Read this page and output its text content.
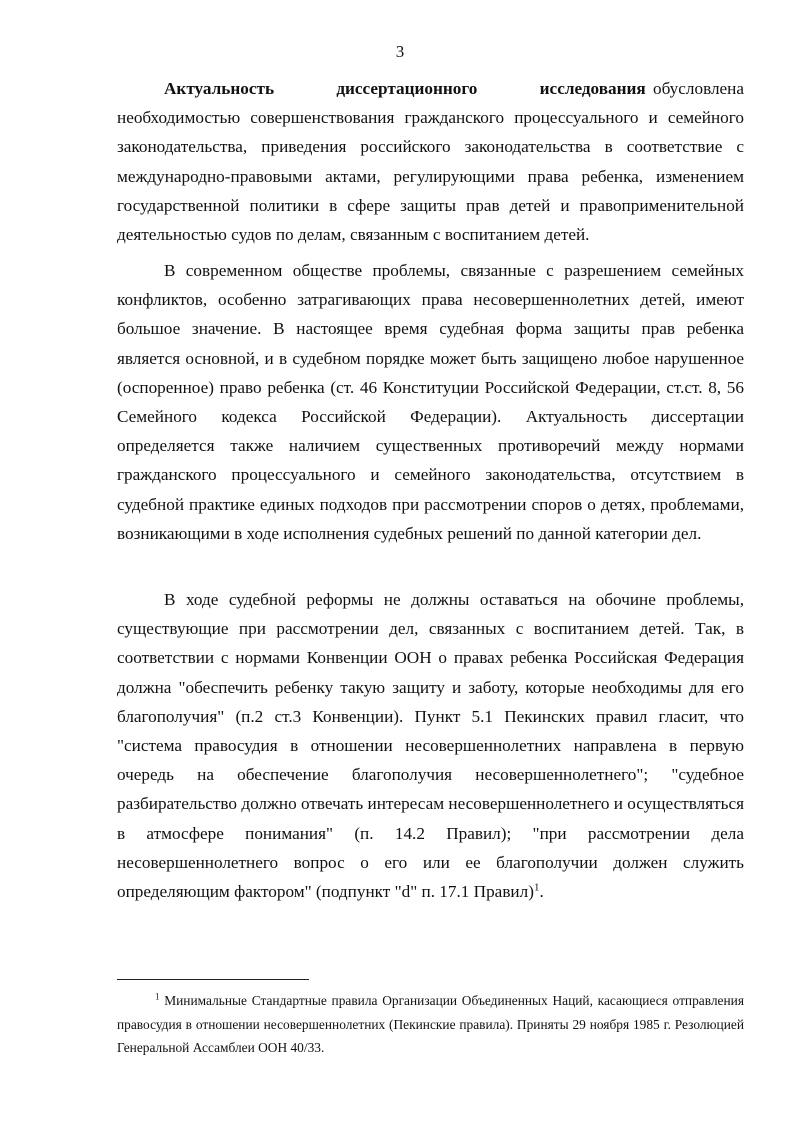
3

Актуальность диссертационного исследования обусловлена необходимостью совершенствования гражданского процессуального и семейного законодательства, приведения российского законодательства в соответствие с международно-правовыми актами, регулирующими права ребенка, изменением государственной политики в сфере защиты прав детей и правоприменительной деятельностью судов по делам, связанным с воспитанием детей.

В современном обществе проблемы, связанные с разрешением семейных конфликтов, особенно затрагивающих права несовершеннолетних детей, имеют большое значение. В настоящее время судебная форма защиты прав ребенка является основной, и в судебном порядке может быть защищено любое нарушенное (оспоренное) право ребенка (ст. 46 Конституции Российской Федерации, ст.ст. 8, 56 Семейного кодекса Российской Федерации). Актуальность диссертации определяется также наличием существенных противоречий между нормами гражданского процессуального и семейного законодательства, отсутствием в судебной практике единых подходов при рассмотрении споров о детях, проблемами, возникающими в ходе исполнения судебных решений по данной категории дел.

В ходе судебной реформы не должны оставаться на обочине проблемы, существующие при рассмотрении дел, связанных с воспитанием детей. Так, в соответствии с нормами Конвенции ООН о правах ребенка Российская Федерация должна "обеспечить ребенку такую защиту и заботу, которые необходимы для его благополучия" (п.2 ст.3 Конвенции). Пункт 5.1 Пекинских правил гласит, что "система правосудия в отношении несовершеннолетних направлена в первую очередь на обеспечение благополучия несовершеннолетнего"; "судебное разбирательство должно отвечать интересам несовершеннолетнего и осуществляться в атмосфере понимания" (п. 14.2 Правил); "при рассмотрении дела несовершеннолетнего вопрос о его или ее благополучии должен служить определяющим фактором" (подпункт "d" п. 17.1 Правил)$^1$.

$^1$ Минимальные Стандартные правила Организации Объединенных Наций, касающиеся отправления правосудия в отношении несовершеннолетних (Пекинские правила). Приняты 29 ноября 1985 г. Резолюцией Генеральной Ассамблеи ООН 40/33.
